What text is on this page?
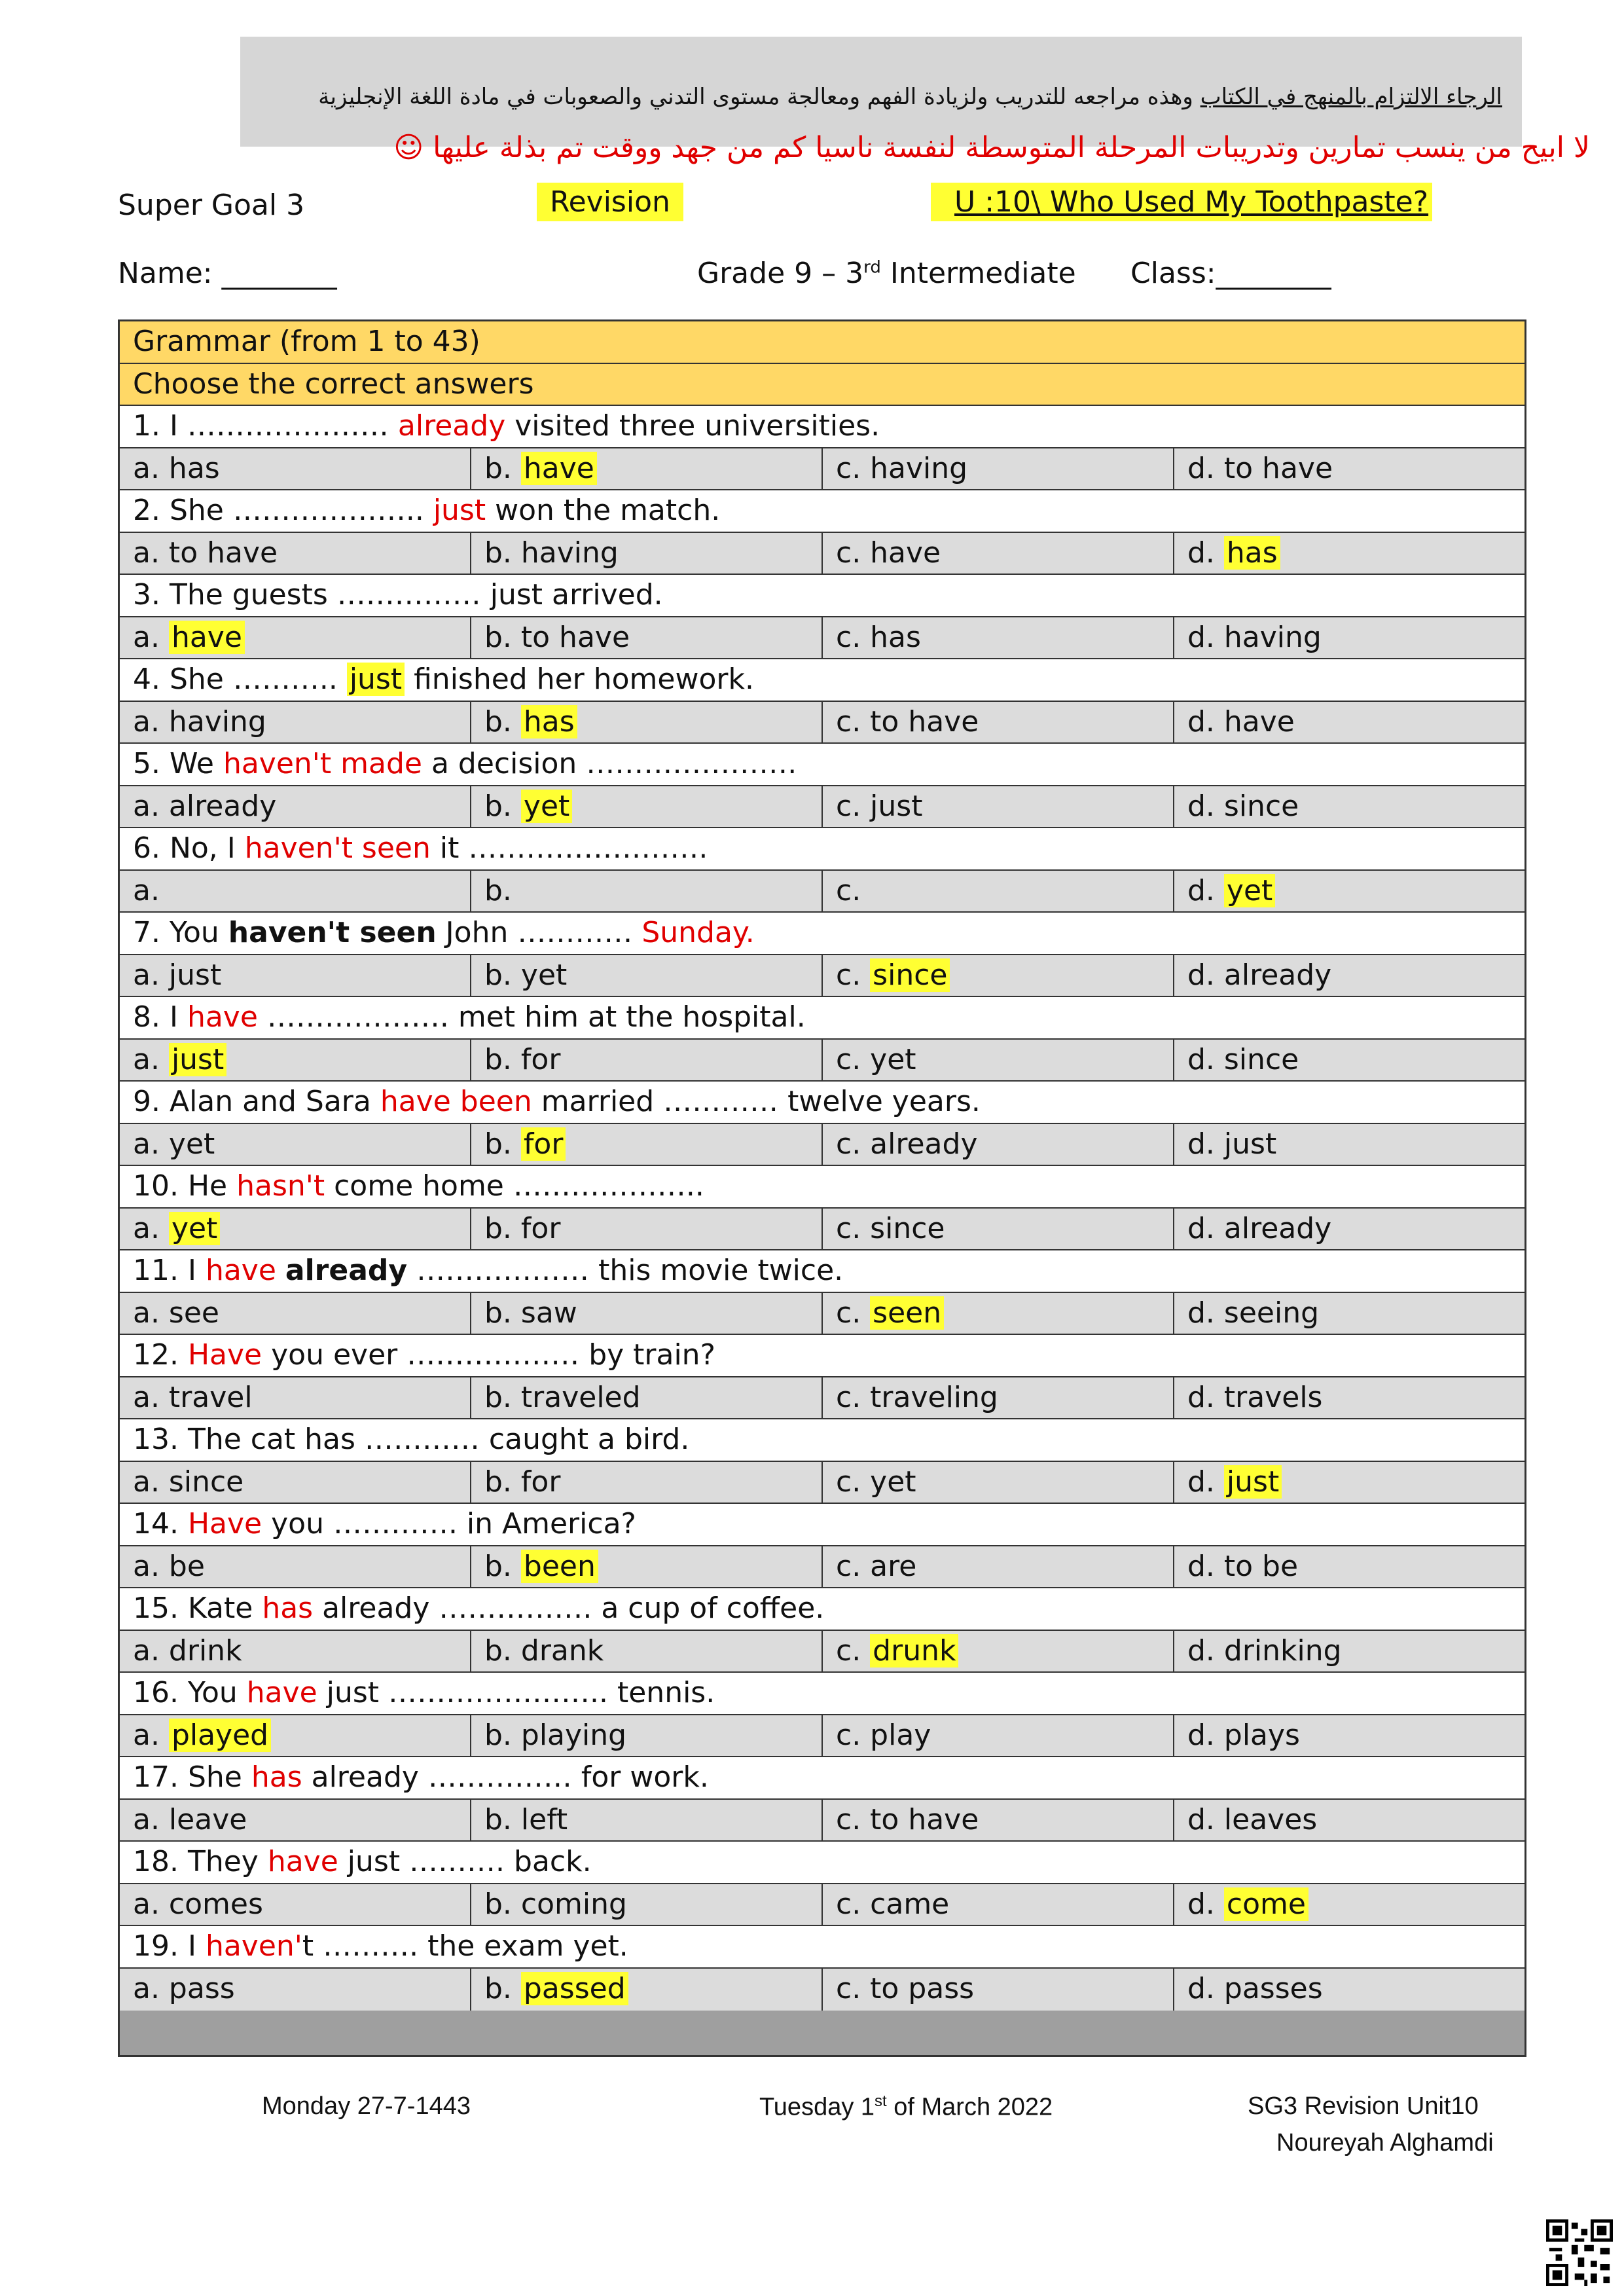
الرجاء الالتزام بالمنهج في الكتاب وهذه مراجعه للتدريب ولزيادة الفهم ومعالجة مستوى التدني والصعوبات في مادة اللغة الإنجليزية
لا ابيح من ينسب تمارين وتدريبات المرحلة المتوسطة لنفسة ناسيا كم من جهد ووقت تم بذلة عليها ☺
Super Goal 3	Revision	U :10\ Who Used My Toothpaste?
Name: ________	Grade 9 – 3rd Intermediate Class:________
Grammar (from 1 to 43)
Choose the correct answers
1. I ………………… already visited three universities.
a. has	b. have	c. having	d. to have
2. She ……………….. just won the match.
a. to have	b. having	c. have	d. has
3. The guests …………… just arrived.
a. have	b. to have	c. has	d. having
4. She ……….. just finished her homework.
a. having	b. has	c. to have	d. have
5. We haven't made a decision ………………….
a. already	b. yet	c. just	d. since
6. No, I haven't seen it …………………….
a.	b.	c.	d. yet
7. You haven't seen John ………… Sunday.
a. just	b. yet	c. since	d. already
8. I have ………………. met him at the hospital.
a. just	b. for	c. yet	d. since
9. Alan and Sara have been married ………… twelve years.
a. yet	b. for	c. already	d. just
10. He hasn't come home ………………..
a. yet	b. for	c. since	d. already
11. I have already ……………… this movie twice.
a. see	b. saw	c. seen	d. seeing
12. Have you ever ……………… by train?
a. travel	b. traveled	c. traveling	d. travels
13. The cat has ………… caught a bird.
a. since	b. for	c. yet	d. just
14. Have you …………. in America?
a. be	b. been	c. are	d. to be
15. Kate has already ……………. a cup of coffee.
a. drink	b. drank	c. drunk	d. drinking
16. You have just ………………….. tennis.
a. played	b. playing	c. play	d. plays
17. She has already …………… for work.
a. leave	b. left	c. to have	d. leaves
18. They have just ………. back.
a. comes	b. coming	c. came	d. come
19. I haven't ………. the exam yet.
a. pass	b. passed	c. to pass	d. passes
Monday 27-7-1443	Tuesday 1st of March 2022	SG3 Revision Unit10
Noureyah Alghamdi
